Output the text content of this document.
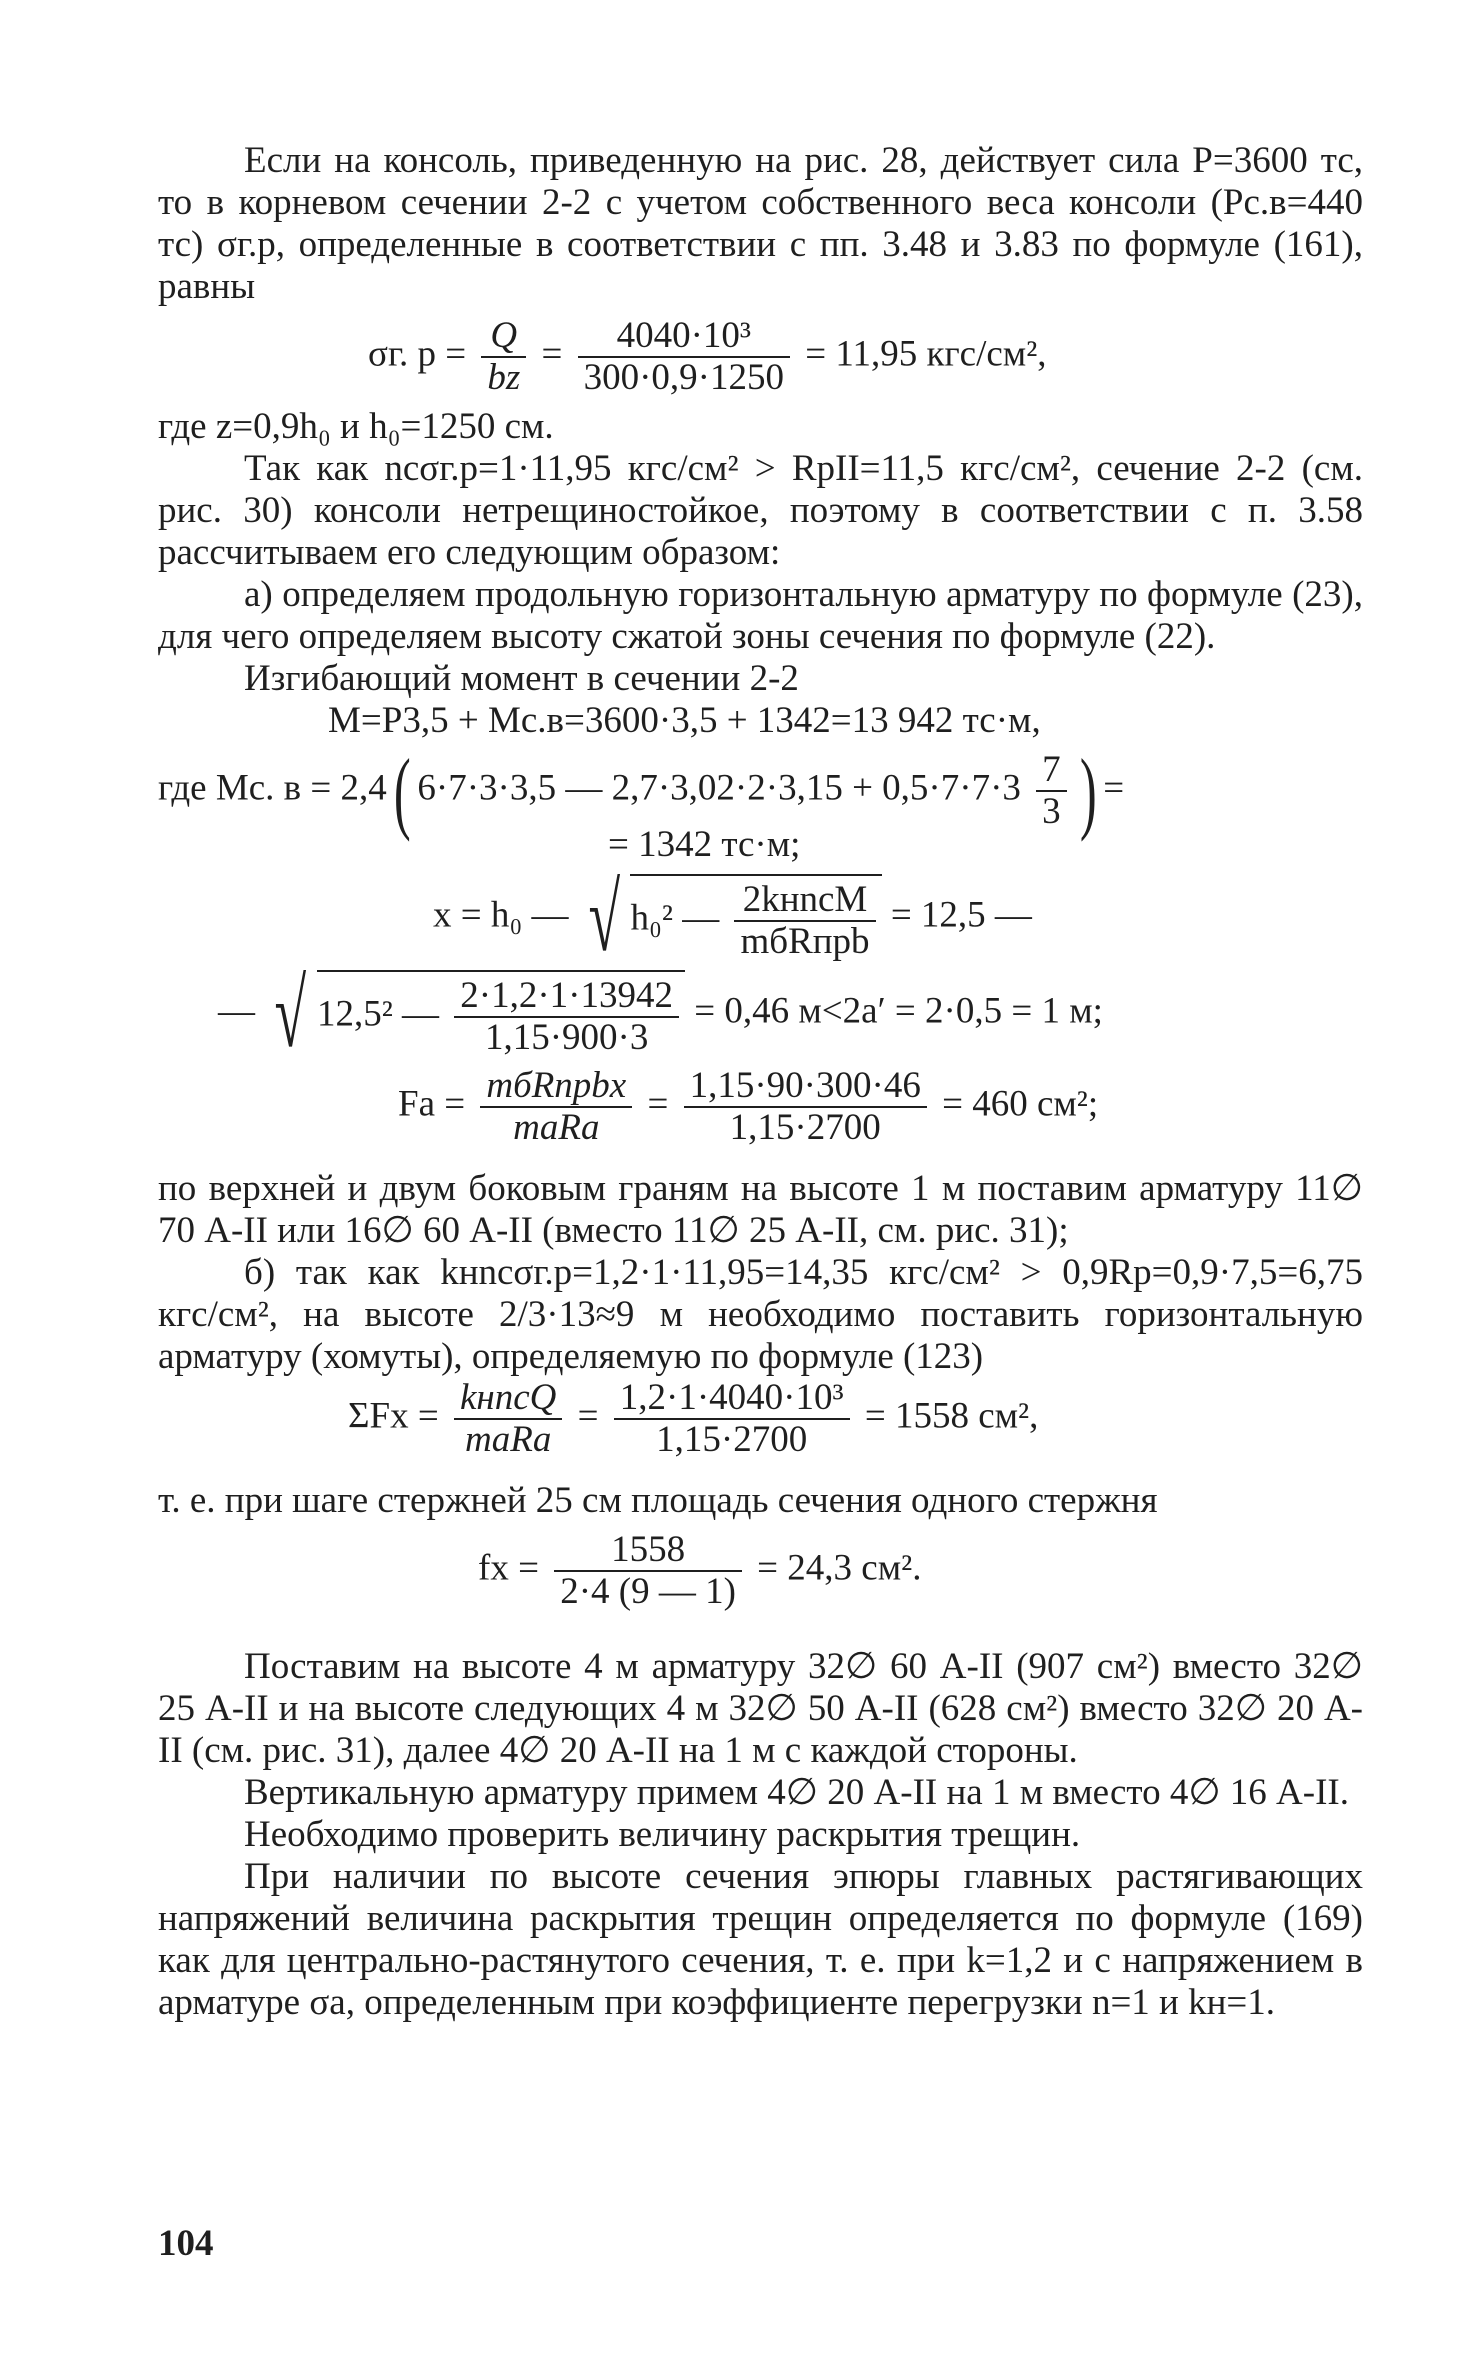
Если на консоль, приведенную на рис. 28, действует сила P=3600 тс, то в корневом сечении 2-2 с учетом собственного веса консоли (Pс.в=440 тс) σг.р, определенные в соответствии с пп. 3.48 и 3.83 по формуле (161), равны

σг. $р = \frac{Q}{bz} = \frac{\text{4040·10³}}{300\cdot 0,9\cdot 1250} = 11,95$ кгс/см²,

где z=0,9h₀ и h₀=1250 см.

Так как nсσг.р=1·11,95 кгс/см² > RрII=11,5 кгс/см², сечение 2-2 (см. рис. 30) консоли нетрещиностойкое, поэтому в соответствии с п. 3.58 рассчитываем его следующим образом:

а) определяем продольную горизонтальную арматуру по формуле (23), для чего определяем высоту сжатой зоны сечения по формуле (22).

Изгибающий момент в сечении 2-2

M=P3,5 + Mс.в=3600·3,5 + 1342=13 942 тс·м,

где Mс. в = 2,4( 6·7·3·3,5 — $2,7\cdot 3,02\cdot 2\cdot 3,15 + 0,5\cdot 7\cdot 7\cdot 3 \frac{7}{3}$ ) =

= 1342 тс·м;

x = h₀ — √ h₀² — $\frac{\text{2kнnсM}}{\text{mбRпрb}} = 12,5$ —

— √ 12,5² — $\frac{2\cdot 1,2\cdot 1\cdot 13942}{1,15\cdot 900\cdot 3} = 0,46$ м<2a′ = 2·0,5 = 1 м;

Fа = $\frac{\text{mбRпрbx}}{\text{mаRа}} = \frac{1,15\cdot 90\cdot 300\cdot 46}{1,15\cdot 2700} = 460$ см²;

по верхней и двум боковым граням на высоте 1 м поставим арматуру 11∅ 70 А-II или 16∅ 60 А-II (вместо 11∅ 25 А-II, см. рис. 31);

б) так как kнnсσг.р=1,2·1·11,95=14,35 кгс/см² > 0,9Rр=0,9·7,5=6,75 кгс/см², на высоте 2/3·13≈9 м необходимо поставить горизонтальную арматуру (хомуты), определяемую по формуле (123)

$\Sigma Fх = \frac{\text{kнnсQ}}{\text{mаRа}} = \frac{\text{1,2·1·4040·10³}}{1,15\cdot 2700} = 1558$ см²,

т. е. при шаге стержней 25 см площадь сечения одного стержня

fх = $\frac{1558}{2\cdot 4 (9 — 1)} = 24,3$ см².

Поставим на высоте 4 м арматуру 32∅ 60 А-II (907 см²) вместо 32∅ 25 А-II и на высоте следующих 4 м 32∅ 50 А-II (628 см²) вместо 32∅ 20 А-II (см. рис. 31), далее 4∅ 20 А-II на 1 м с каждой стороны.

Вертикальную арматуру примем 4∅ 20 А-II на 1 м вместо 4∅ 16 А-II.

Необходимо проверить величину раскрытия трещин.

При наличии по высоте сечения эпюры главных растягивающих напряжений величина раскрытия трещин определяется по формуле (169) как для центрально-растянутого сечения, т. е. при k=1,2 и с напряжением в арматуре σа, определенным при коэффициенте перегрузки n=1 и kн=1.

104
